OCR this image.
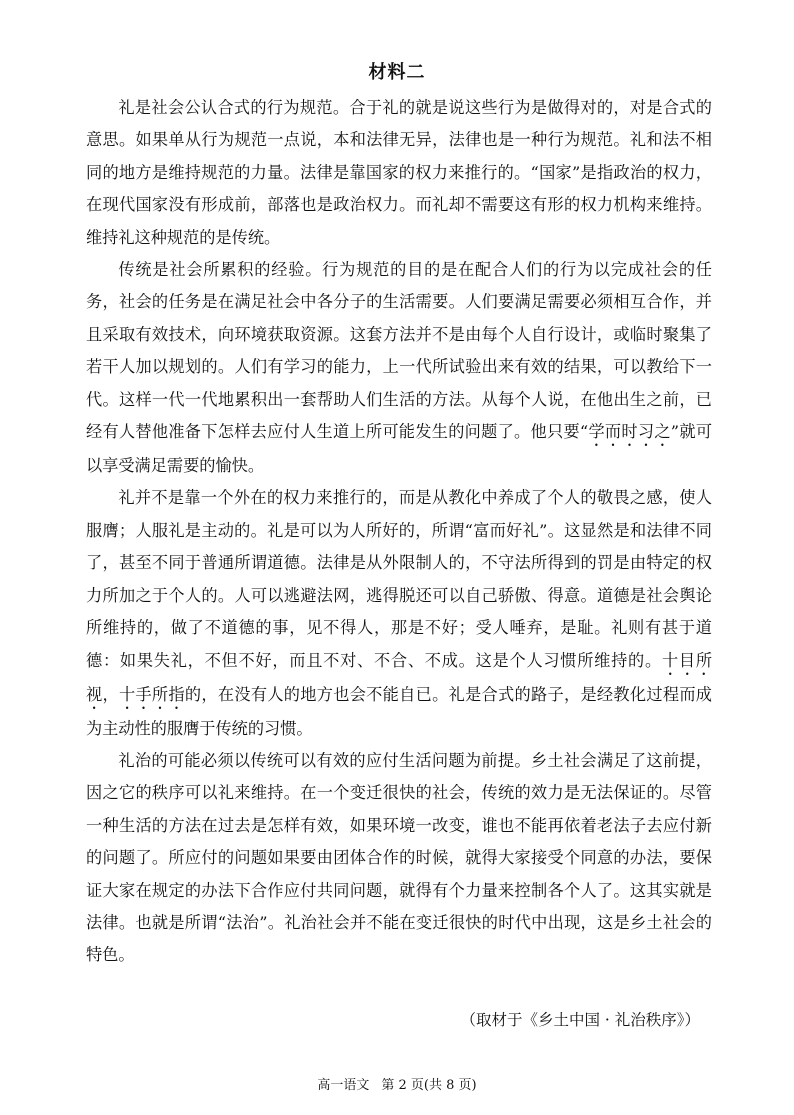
材料二

礼是社会公认合式的行为规范。合于礼的就是说这些行为是做得对的，对是合式的意思。如果单从行为规范一点说，本和法律无异，法律也是一种行为规范。礼和法不相同的地方是维持规范的力量。法律是靠国家的权力来推行的。“国家”是指政治的权力，在现代国家没有形成前，部落也是政治权力。而礼却不需要这有形的权力机构来维持。维持礼这种规范的是传统。

传统是社会所累积的经验。行为规范的目的是在配合人们的行为以完成社会的任务，社会的任务是在满足社会中各分子的生活需要。人们要满足需要必须相互合作，并且采取有效技术，向环境获取资源。这套方法并不是由每个人自行设计，或临时聚集了若干人加以规划的。人们有学习的能力，上一代所试验出来有效的结果，可以教给下一代。这样一代一代地累积出一套帮助人们生活的方法。从每个人说，在他出生之前，已经有人替他准备下怎样去应付人生道上所可能发生的问题了。他只要“学而时习之”就可以享受满足需要的愉快。

礼并不是靠一个外在的权力来推行的，而是从教化中养成了个人的敬畏之感，使人服膺；人服礼是主动的。礼是可以为人所好的，所谓“富而好礼”。这显然是和法律不同了，甚至不同于普通所谓道德。法律是从外限制人的，不守法所得到的罚是由特定的权力所加之于个人的。人可以逃避法网，逃得脱还可以自己骄傲、得意。道德是社会舆论所维持的，做了不道德的事，见不得人，那是不好；受人唾弃，是耻。礼则有甚于道德：如果失礼，不但不好，而且不对、不合、不成。这是个人习惯所维持的。十目所视，十手所指的，在没有人的地方也会不能自已。礼是合式的路子，是经教化过程而成为主动性的服膺于传统的习惯。

礼治的可能必须以传统可以有效的应付生活问题为前提。乡土社会满足了这前提，因之它的秩序可以礼来维持。在一个变迁很快的社会，传统的效力是无法保证的。尽管一种生活的方法在过去是怎样有效，如果环境一改变，谁也不能再依着老法子去应付新的问题了。所应付的问题如果要由团体合作的时候，就得大家接受个同意的办法，要保证大家在规定的办法下合作应付共同问题，就得有个力量来控制各个人了。这其实就是法律。也就是所谓“法治”。礼治社会并不能在变迁很快的时代中出现，这是乡土社会的特色。

（取材于《乡土中国 · 礼治秩序》）
高一语文 第 2 页(共 8 页)
